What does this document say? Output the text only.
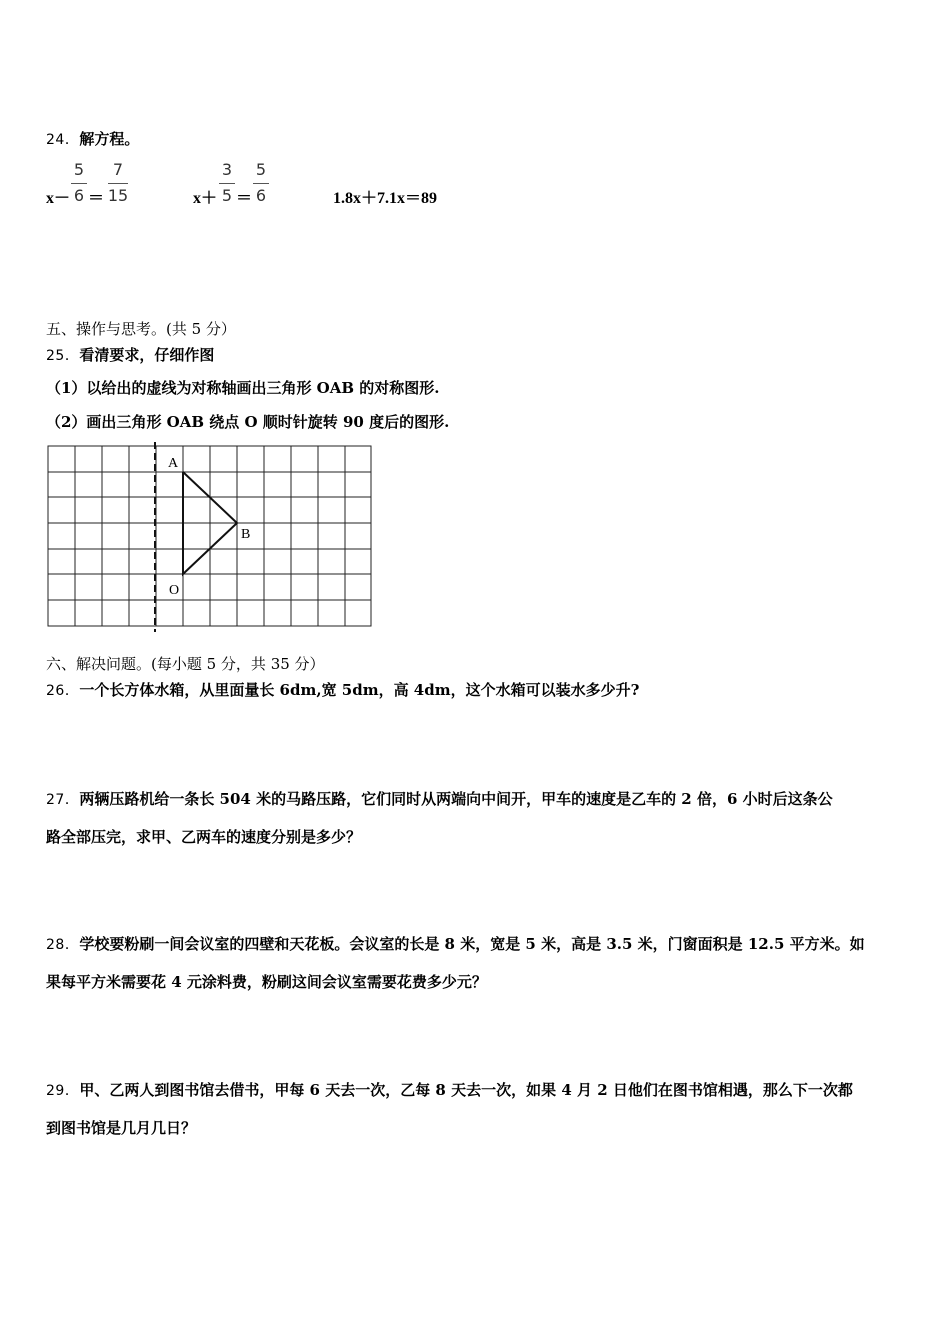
24．解方程。
x－
5
6 ＝
7
15	x＋
3
5 ＝
5
6	1.8x＋7.1x＝89
五、操作与思考。(共 5 分）
25．看清要求，仔细作图
（1）以给出的虚线为对称轴画出三角形 OAB 的对称图形.
（2）画出三角形 OAB 绕点 O 顺时针旋转 90 度后的图形.
A
B
O
六、解决问题。(每小题 5 分，共 35 分）
26．一个长方体水箱，从里面量长 6dm,宽 5dm，高 4dm，这个水箱可以装水多少升?
27．两辆压路机给一条长 504 米的马路压路，它们同时从两端向中间开，甲车的速度是乙车的 2 倍，6 小时后这条公
路全部压完，求甲、乙两车的速度分别是多少？
28．学校要粉刷一间会议室的四壁和天花板。会议室的长是 8 米，宽是 5 米，高是 3.5 米，门窗面积是 12.5 平方米。如
果每平方米需要花 4 元涂料费，粉刷这间会议室需要花费多少元？
29．甲、乙两人到图书馆去借书，甲每 6 天去一次，乙每 8 天去一次，如果 4 月 2 日他们在图书馆相遇，那么下一次都
到图书馆是几月几日？
